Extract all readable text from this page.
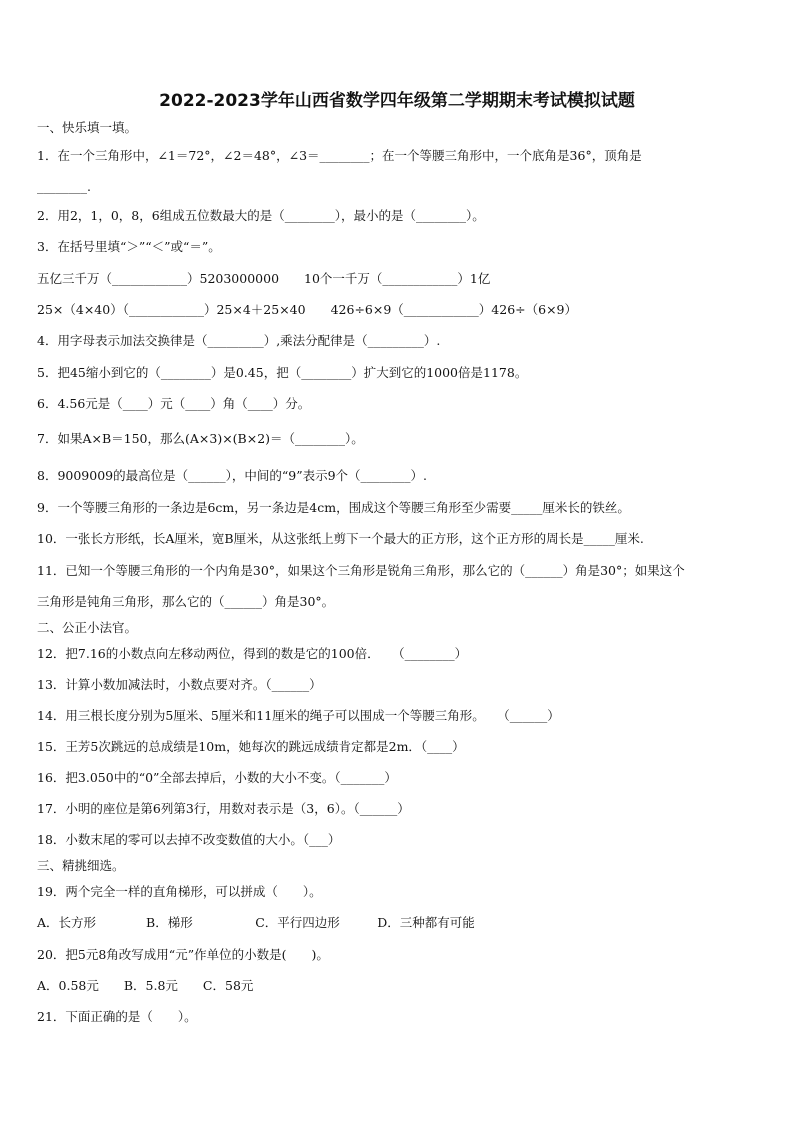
2022-2023学年山西省数学四年级第二学期期末考试模拟试题
一、快乐填一填。
1．在一个三角形中，∠1＝72°，∠2＝48°，∠3＝________；在一个等腰三角形中，一个底角是36°，顶角是
________.
2．用2，1，0，8，6组成五位数最大的是（________），最小的是（________）。
3．在括号里填“＞”“＜”或“＝”。
五亿三千万（____________）5203000000　　10个一千万（____________）1亿
25×（4×40）（____________）25×4＋25×40　　426÷6×9（____________）426÷（6×9）
4．用字母表示加法交换律是（_________）,乘法分配律是（_________）.
5．把45缩小到它的（________）是0.45，把（________）扩大到它的1000倍是1178。
6．4.56元是（____）元（____）角（____）分。
7．如果A×B＝150，那么(A×3)×(B×2)＝（________）。
8．9009009的最高位是（______），中间的“9”表示9个（________）.
9．一个等腰三角形的一条边是6cm，另一条边是4cm，围成这个等腰三角形至少需要_____厘米长的铁丝。
10．一张长方形纸，长A厘米，宽B厘米，从这张纸上剪下一个最大的正方形，这个正方形的周长是_____厘米.
11．已知一个等腰三角形的一个内角是30°，如果这个三角形是锐角三角形，那么它的（______）角是30°；如果这个
三角形是钝角三角形，那么它的（______）角是30°。
二、公正小法官。
12．把7.16的小数点向左移动两位，得到的数是它的100倍．　　（________）
13．计算小数加减法时，小数点要对齐。（______）
14．用三根长度分别为5厘米、5厘米和11厘米的绳子可以围成一个等腰三角形。　　（______）
15．王芳5次跳远的总成绩是10m，她每次的跳远成绩肯定都是2m．（____）
16．把3.050中的“0”全部去掉后，小数的大小不变。（_______）
17．小明的座位是第6列第3行，用数对表示是（3，6）。（______）
18．小数末尾的零可以去掉不改变数值的大小。（___）
三、精挑细选。
19．两个完全一样的直角梯形，可以拼成（　　）。
A．长方形　　　　B．梯形　　　　　C．平行四边形　　　D．三种都有可能
20．把5元8角改写成用“元”作单位的小数是(　　)。
A．0.58元　　B．5.8元　　C．58元
21．下面正确的是（　　）。
